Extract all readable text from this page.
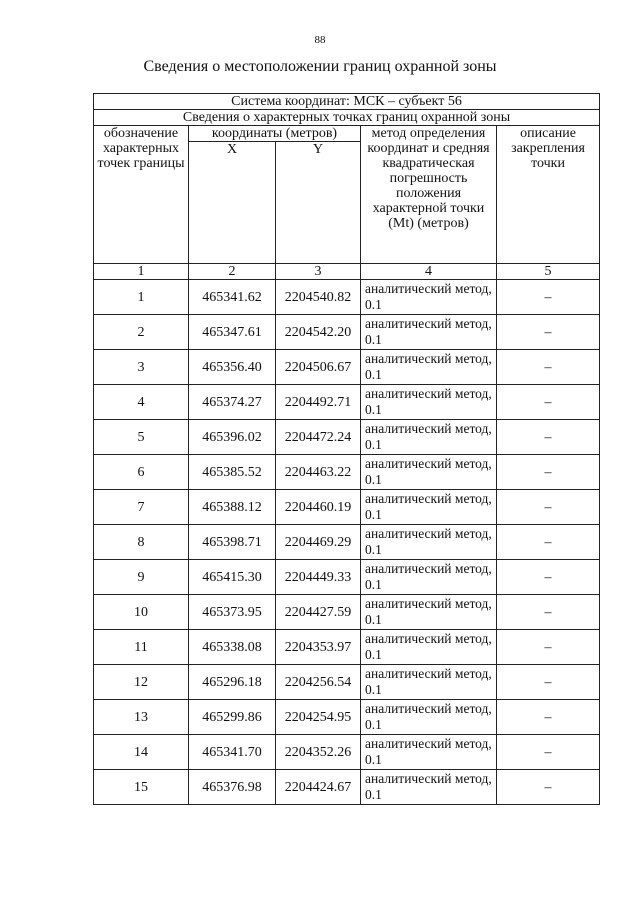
88
Сведения о местоположении границ охранной зоны
Система координат: МСК – субъект 56				
Сведения о характерных точках границ охранной зоны				
обозначение характерных точек границы	координаты (метров)		метод определения координат и средняя квадратическая погрешность положения характерной точки (Mt) (метров)	описание закрепления точки
	X	Y		
1	2	3	4	5
1	465341.62	2204540.82	аналитический метод, 0.1	–
2	465347.61	2204542.20	аналитический метод, 0.1	–
3	465356.40	2204506.67	аналитический метод, 0.1	–
4	465374.27	2204492.71	аналитический метод, 0.1	–
5	465396.02	2204472.24	аналитический метод, 0.1	–
6	465385.52	2204463.22	аналитический метод, 0.1	–
7	465388.12	2204460.19	аналитический метод, 0.1	–
8	465398.71	2204469.29	аналитический метод, 0.1	–
9	465415.30	2204449.33	аналитический метод, 0.1	–
10	465373.95	2204427.59	аналитический метод, 0.1	–
11	465338.08	2204353.97	аналитический метод, 0.1	–
12	465296.18	2204256.54	аналитический метод, 0.1	–
13	465299.86	2204254.95	аналитический метод, 0.1	–
14	465341.70	2204352.26	аналитический метод, 0.1	–
15	465376.98	2204424.67	аналитический метод, 0.1	–
